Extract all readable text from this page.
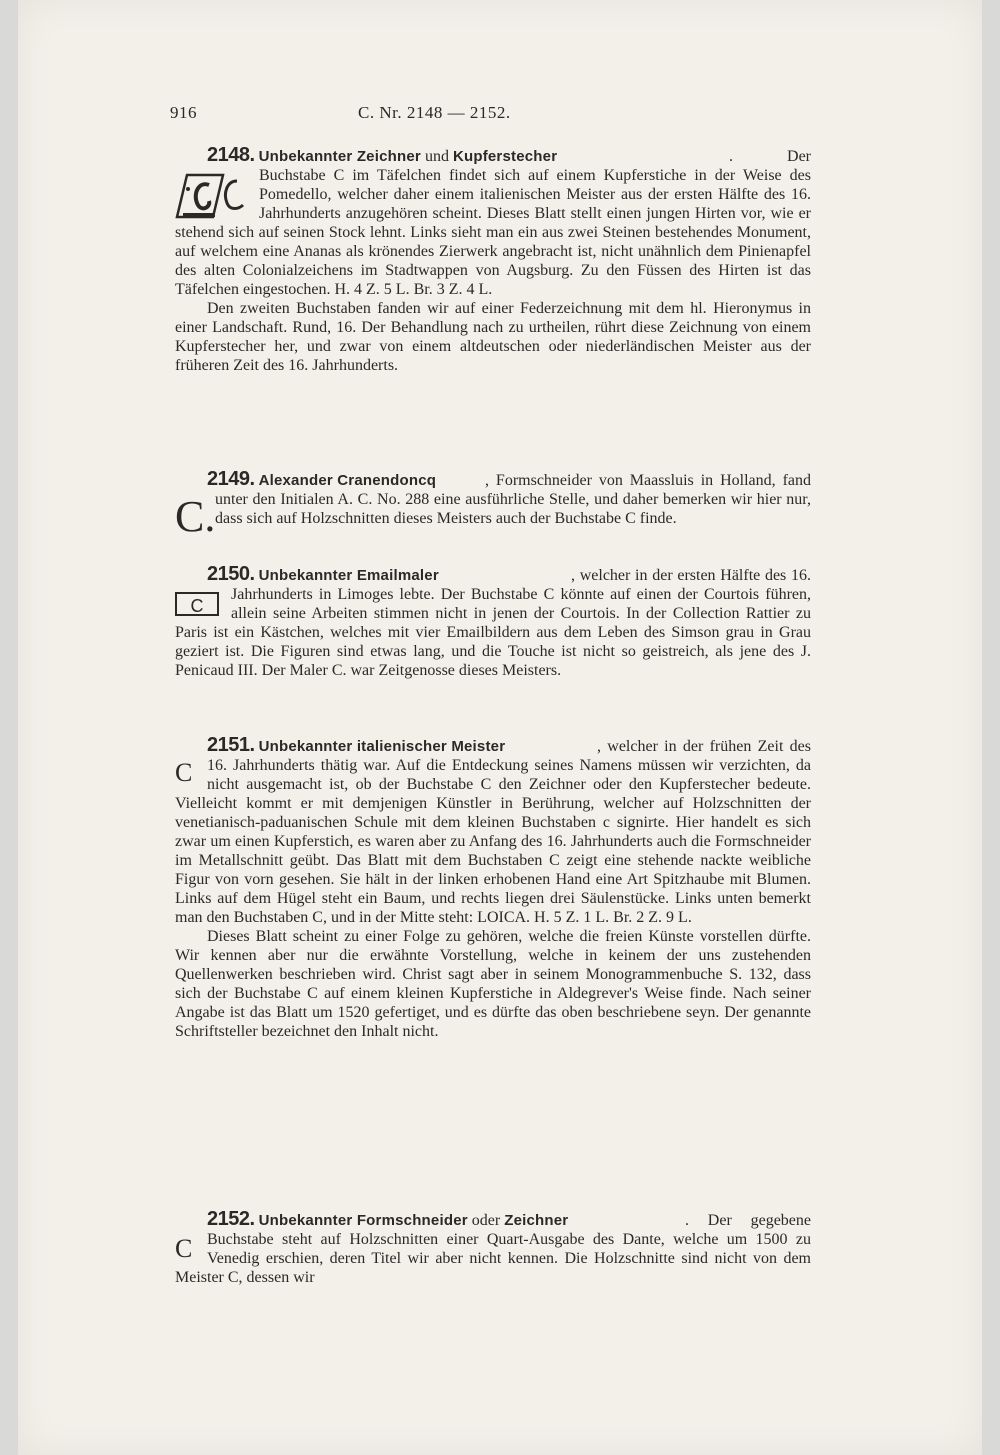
916	C. Nr. 2148 — 2152.

2148. Unbekannter Zeichner und Kupferstecher	. Der Buchstabe C im Täfelchen findet sich auf einem Kupferstiche in der Weise des Pomedello, welcher daher einem italienischen Meister aus der ersten Hälfte des 16. Jahrhunderts anzugehören scheint. Dieses Blatt stellt einen jungen Hirten vor, wie er stehend sich auf seinen Stock lehnt. Links sieht man ein aus zwei Steinen bestehendes Monument, auf welchem eine Ananas als krönendes Zierwerk angebracht ist, nicht unähnlich dem Pinienapfel des alten Colonialzeichens im Stadtwappen von Augsburg. Zu den Füssen des Hirten ist das Täfelchen eingestochen. H. 4 Z. 5 L. Br. 3 Z. 4 L.

Den zweiten Buchstaben fanden wir auf einer Federzeichnung mit dem hl. Hieronymus in einer Landschaft. Rund, 16. Der Behandlung nach zu urtheilen, rührt diese Zeichnung von einem Kupferstecher her, und zwar von einem altdeutschen oder niederländischen Meister aus der früheren Zeit des 16. Jahrhunderts.

2149. Alexander Cranendoncq

C.

, Formschneider von Maassluis in Holland, fand unter den Initialen A. C. No. 288 eine ausführliche Stelle, und daher bemerken wir hier nur, dass sich auf Holzschnitten dieses Meisters auch der Buchstabe C finde.

2150. Unbekannter Emailmaler

C

, welcher in der ersten Hälfte des 16. Jahrhunderts in Limoges lebte. Der Buchstabe C könnte auf einen der Courtois führen, allein seine Arbeiten stimmen nicht in jenen der Courtois. In der Collection Rattier zu Paris ist ein Kästchen, welches mit vier Emailbildern aus dem Leben des Simson grau in Grau geziert ist. Die Figuren sind etwas lang, und die Touche ist nicht so geistreich, als jene des J. Penicaud III. Der Maler C. war Zeitgenosse dieses Meisters.

2151. Unbekannter italienischer Meister

C

, welcher in der frühen Zeit des 16. Jahrhunderts thätig war. Auf die Entdeckung seines Namens müssen wir verzichten, da nicht ausgemacht ist, ob der Buchstabe C den Zeichner oder den Kupferstecher bedeute. Vielleicht kommt er mit demjenigen Künstler in Berührung, welcher auf Holzschnitten der venetianisch-paduanischen Schule mit dem kleinen Buchstaben c signirte. Hier handelt es sich zwar um einen Kupferstich, es waren aber zu Anfang des 16. Jahrhunderts auch die Formschneider im Metallschnitt geübt. Das Blatt mit dem Buchstaben C zeigt eine stehende nackte weibliche Figur von vorn gesehen. Sie hält in der linken erhobenen Hand eine Art Spitzhaube mit Blumen. Links auf dem Hügel steht ein Baum, und rechts liegen drei Säulenstücke. Links unten bemerkt man den Buchstaben C, und in der Mitte steht: LOICA. H. 5 Z. 1 L. Br. 2 Z. 9 L.

Dieses Blatt scheint zu einer Folge zu gehören, welche die freien Künste vorstellen dürfte. Wir kennen aber nur die erwähnte Vorstellung, welche in keinem der uns zustehenden Quellenwerken beschrieben wird. Christ sagt aber in seinem Monogrammenbuche S. 132, dass sich der Buchstabe C auf einem kleinen Kupferstiche in Aldegrever's Weise finde. Nach seiner Angabe ist das Blatt um 1520 gefertiget, und es dürfte das oben beschriebene seyn. Der genannte Schriftsteller bezeichnet den Inhalt nicht.

2152. Unbekannter Formschneider oder Zeichner

C

. Der gegebene Buchstabe steht auf Holzschnitten einer Quart-Ausgabe des Dante, welche um 1500 zu Venedig erschien, deren Titel wir aber nicht kennen. Die Holzschnitte sind nicht von dem Meister C, dessen wir
